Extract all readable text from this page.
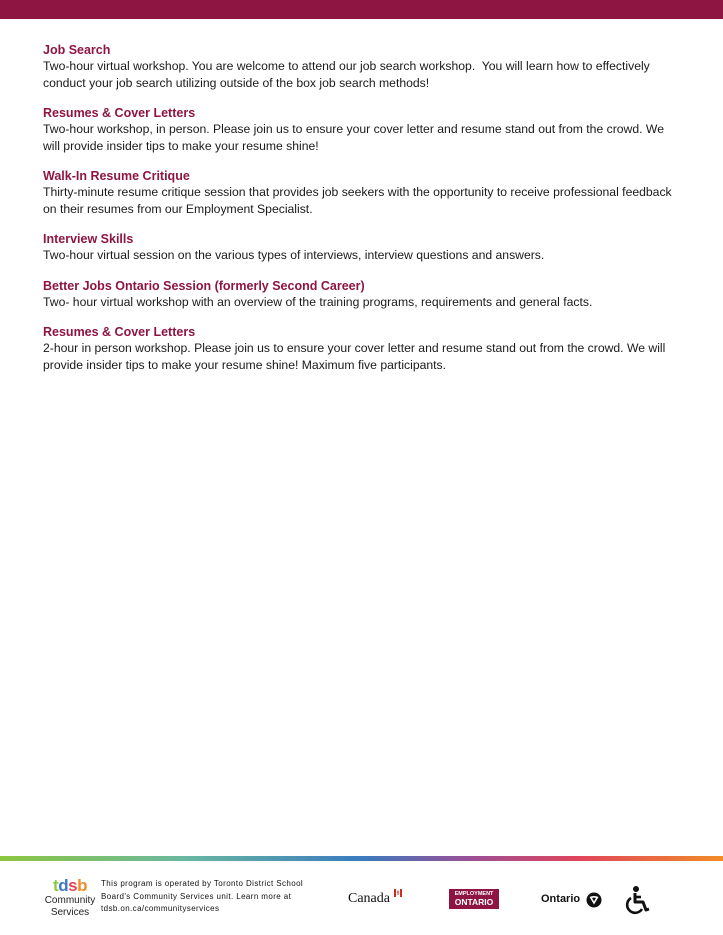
Job Search

Two-hour virtual workshop. You are welcome to attend our job search workshop.  You will learn how to effectively conduct your job search utilizing outside of the box job search methods!

Resumes & Cover Letters

Two-hour workshop, in person. Please join us to ensure your cover letter and resume stand out from the crowd. We will provide insider tips to make your resume shine!

Walk-In Resume Critique

Thirty-minute resume critique session that provides job seekers with the opportunity to receive professional feedback on their resumes from our Employment Specialist.

Interview Skills

Two-hour virtual session on the various types of interviews, interview questions and answers.

Better Jobs Ontario Session (formerly Second Career)

Two- hour virtual workshop with an overview of the training programs, requirements and general facts.

Resumes & Cover Letters

2-hour in person workshop. Please join us to ensure your cover letter and resume stand out from the crowd. We will provide insider tips to make your resume shine! Maximum five participants.

tdsb
Community
Services
This program is operated by Toronto District School
Board's Community Services unit. Learn more at
tdsb.on.ca/communityservices
Canada	EMPLOYMENT
ONTARIO	Ontario
